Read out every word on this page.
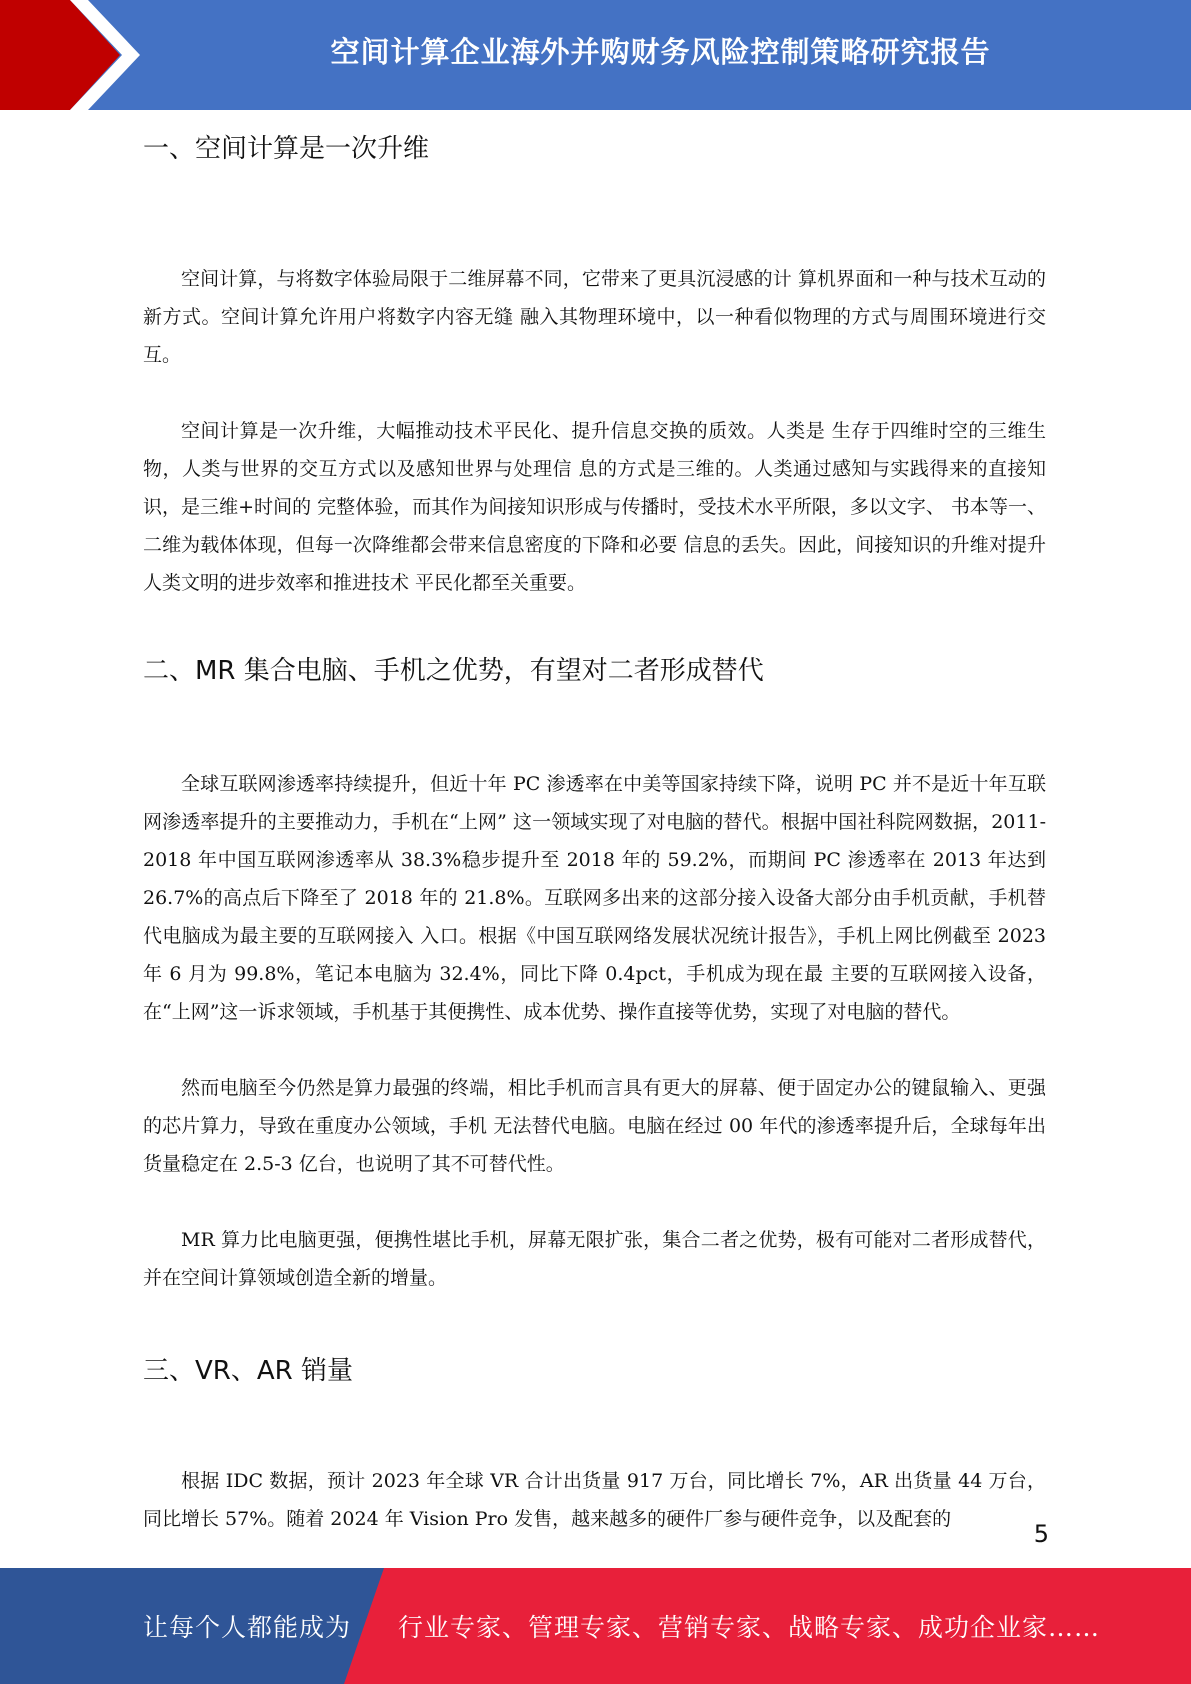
空间计算企业海外并购财务风险控制策略研究报告
一、空间计算是一次升维

空间计算，与将数字体验局限于二维屏幕不同，它带来了更具沉浸感的计 算机界面和一种与技术互动的新方式。空间计算允许用户将数字内容无缝 融入其物理环境中，以一种看似物理的方式与周围环境进行交互。

空间计算是一次升维，大幅推动技术平民化、提升信息交换的质效。人类是 生存于四维时空的三维生物，人类与世界的交互方式以及感知世界与处理信 息的方式是三维的。人类通过感知与实践得来的直接知识，是三维+时间的 完整体验，而其作为间接知识形成与传播时，受技术水平所限，多以文字、 书本等一、二维为载体体现，但每一次降维都会带来信息密度的下降和必要 信息的丢失。因此，间接知识的升维对提升人类文明的进步效率和推进技术 平民化都至关重要。

二、MR 集合电脑、手机之优势，有望对二者形成替代

全球互联网渗透率持续提升，但近十年 PC 渗透率在中美等国家持续下降，说明 PC 并不是近十年互联网渗透率提升的主要推动力，手机在“上网” 这一领域实现了对电脑的替代。根据中国社科院网数据，2011-2018 年中国互联网渗透率从 38.3%稳步提升至 2018 年的 59.2%，而期间 PC 渗透率在 2013 年达到 26.7%的高点后下降至了 2018 年的 21.8%。互联网多出来的这部分接入设备大部分由手机贡献，手机替代电脑成为最主要的互联网接入 入口。根据《中国互联网络发展状况统计报告》，手机上网比例截至 2023 年 6 月为 99.8%，笔记本电脑为 32.4%，同比下降 0.4pct，手机成为现在最 主要的互联网接入设备，在“上网”这一诉求领域，手机基于其便携性、成本优势、操作直接等优势，实现了对电脑的替代。

然而电脑至今仍然是算力最强的终端，相比手机而言具有更大的屏幕、便于固定办公的键鼠输入、更强的芯片算力，导致在重度办公领域，手机 无法替代电脑。电脑在经过 00 年代的渗透率提升后，全球每年出货量稳定在 2.5-3 亿台，也说明了其不可替代性。

MR 算力比电脑更强，便携性堪比手机，屏幕无限扩张，集合二者之优势，极有可能对二者形成替代，并在空间计算领域创造全新的增量。

三、VR、AR 销量

根据 IDC 数据，预计 2023 年全球 VR 合计出货量 917 万台，同比增长 7%，AR 出货量 44 万台，同比增长 57%。随着 2024 年 Vision Pro 发售，越来越多的硬件厂参与硬件竞争，以及配套的

5
让每个人都能成为 行业专家、管理专家、营销专家、战略专家、成功企业家……
